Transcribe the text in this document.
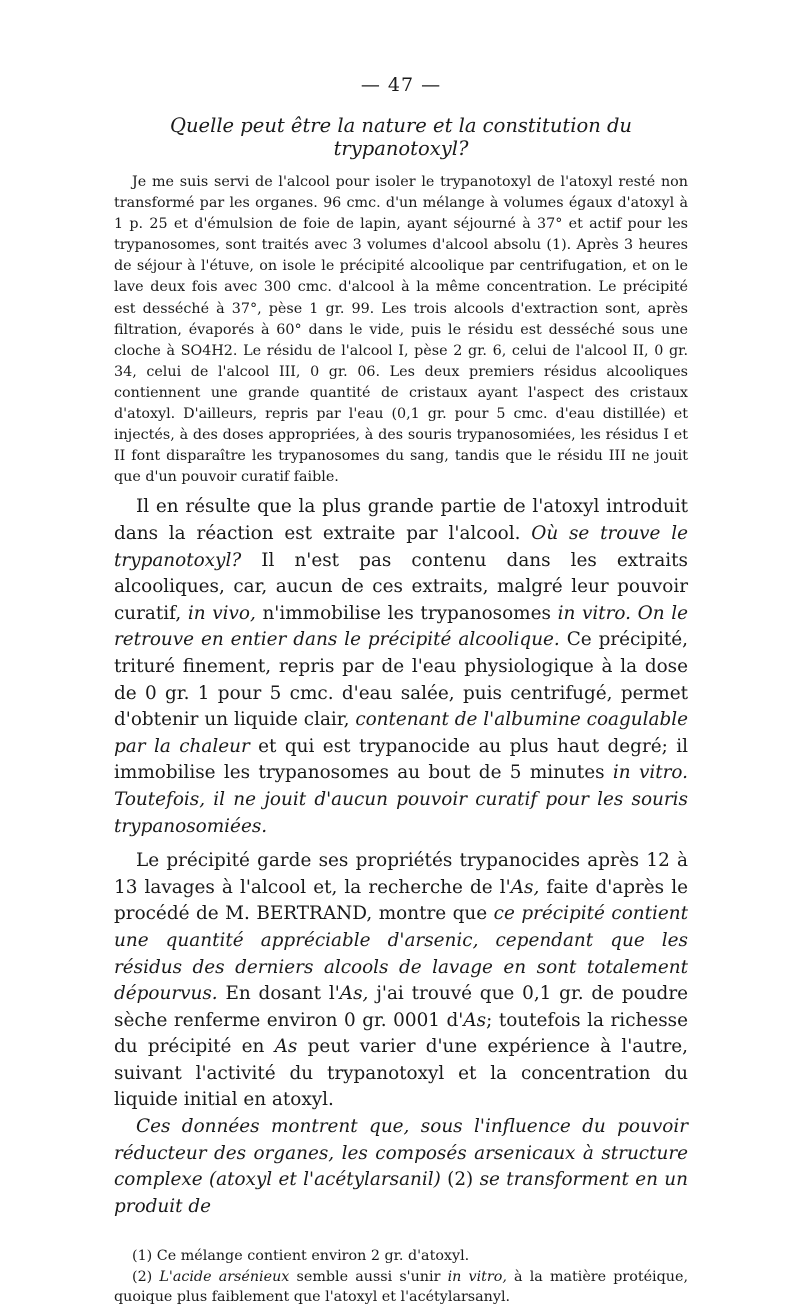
— 47 —
Quelle peut être la nature et la constitution du trypanotoxyl?

Je me suis servi de l'alcool pour isoler le trypanotoxyl de l'atoxyl resté non transformé par les organes. 96 cmc. d'un mélange à volumes égaux d'atoxyl à 1 p. 25 et d'émulsion de foie de lapin, ayant séjourné à 37° et actif pour les trypanosomes, sont traités avec 3 volumes d'alcool absolu (1). Après 3 heures de séjour à l'étuve, on isole le précipité alcoolique par centrifugation, et on le lave deux fois avec 300 cmc. d'alcool à la même concentration. Le précipité est desséché à 37°, pèse 1 gr. 99. Les trois alcools d'extraction sont, après filtration, évaporés à 60° dans le vide, puis le résidu est desséché sous une cloche à SO4H2. Le résidu de l'alcool I, pèse 2 gr. 6, celui de l'alcool II, 0 gr. 34, celui de l'alcool III, 0 gr. 06. Les deux premiers résidus alcooliques contiennent une grande quantité de cristaux ayant l'aspect des cristaux d'atoxyl. D'ailleurs, repris par l'eau (0,1 gr. pour 5 cmc. d'eau distillée) et injectés, à des doses appropriées, à des souris trypanosomiées, les résidus I et II font disparaître les trypanosomes du sang, tandis que le résidu III ne jouit que d'un pouvoir curatif faible.

Il en résulte que la plus grande partie de l'atoxyl introduit dans la réaction est extraite par l'alcool. Où se trouve le trypanotoxyl? Il n'est pas contenu dans les extraits alcooliques, car, aucun de ces extraits, malgré leur pouvoir curatif, in vivo, n'immobilise les trypanosomes in vitro. On le retrouve en entier dans le précipité alcoolique. Ce précipité, trituré finement, repris par de l'eau physiologique à la dose de 0 gr. 1 pour 5 cmc. d'eau salée, puis centrifugé, permet d'obtenir un liquide clair, contenant de l'albumine coagulable par la chaleur et qui est trypanocide au plus haut degré; il immobilise les trypanosomes au bout de 5 minutes in vitro. Toutefois, il ne jouit d'aucun pouvoir curatif pour les souris trypanosomiées.

Le précipité garde ses propriétés trypanocides après 12 à 13 lavages à l'alcool et, la recherche de l'As, faite d'après le procédé de M. BERTRAND, montre que ce précipité contient une quantité appréciable d'arsenic, cependant que les résidus des derniers alcools de lavage en sont totalement dépourvus. En dosant l'As, j'ai trouvé que 0,1 gr. de poudre sèche renferme environ 0 gr. 0001 d'As; toutefois la richesse du précipité en As peut varier d'une expérience à l'autre, suivant l'activité du trypanotoxyl et la concentration du liquide initial en atoxyl.

Ces données montrent que, sous l'influence du pouvoir réducteur des organes, les composés arsenicaux à structure complexe (atoxyl et l'acétylarsanil) (2) se transforment en un produit de

(1) Ce mélange contient environ 2 gr. d'atoxyl.

(2) L'acide arsénieux semble aussi s'unir in vitro, à la matière protéique, quoique plus faiblement que l'atoxyl et l'acétylarsanyl.
